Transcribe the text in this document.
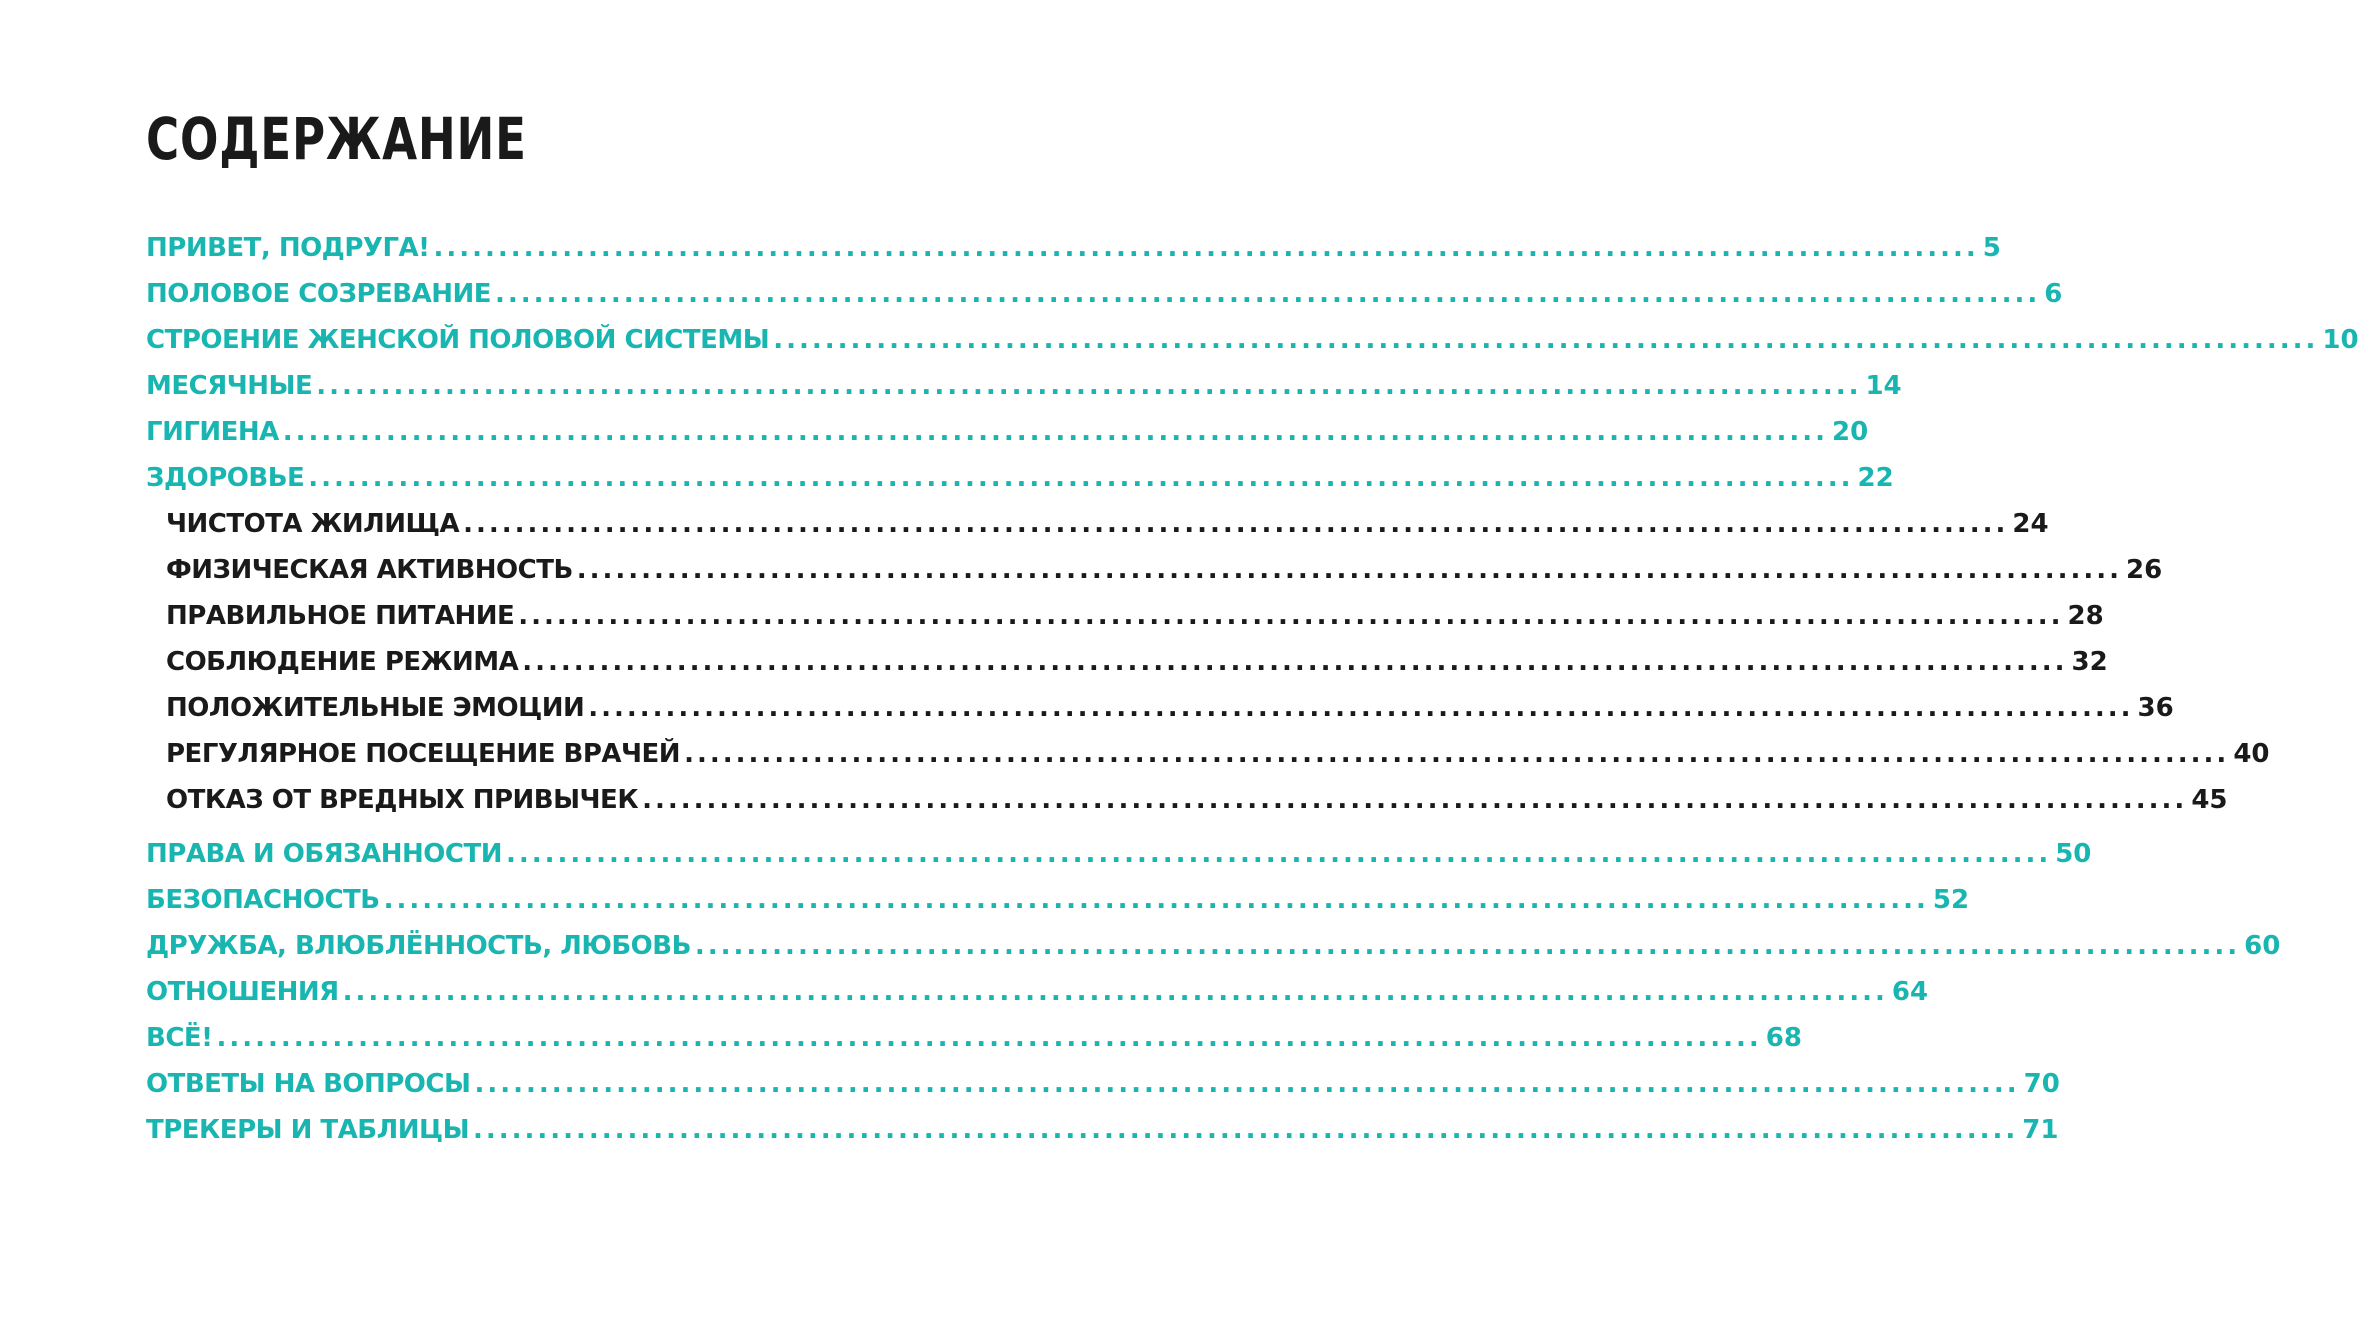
СОДЕРЖАНИЕ
ПРИВЕТ, ПОДРУГА! .....	5
ПОЛОВОЕ СОЗРЕВАНИЕ .....	6
СТРОЕНИЕ ЖЕНСКОЙ ПОЛОВОЙ СИСТЕМЫ .....	10
МЕСЯЧНЫЕ .....	14
ГИГИЕНА .....	20
ЗДОРОВЬЕ .....	22
ЧИСТОТА ЖИЛИЩА .....	24
ФИЗИЧЕСКАЯ АКТИВНОСТЬ .....	26
ПРАВИЛЬНОЕ ПИТАНИЕ .....	28
СОБЛЮДЕНИЕ РЕЖИМА .....	32
ПОЛОЖИТЕЛЬНЫЕ ЭМОЦИИ .....	36
РЕГУЛЯРНОЕ ПОСЕЩЕНИЕ ВРАЧЕЙ .....	40
ОТКАЗ ОТ ВРЕДНЫХ ПРИВЫЧЕК .....	45
ПРАВА И ОБЯЗАННОСТИ .....	50
БЕЗОПАСНОСТЬ .....	52
ДРУЖБА, ВЛЮБЛЁННОСТЬ, ЛЮБОВЬ .....	60
ОТНОШЕНИЯ .....	64
ВСЁ! .....	68
ОТВЕТЫ НА ВОПРОСЫ .....	70
ТРЕКЕРЫ И ТАБЛИЦЫ .....	71
